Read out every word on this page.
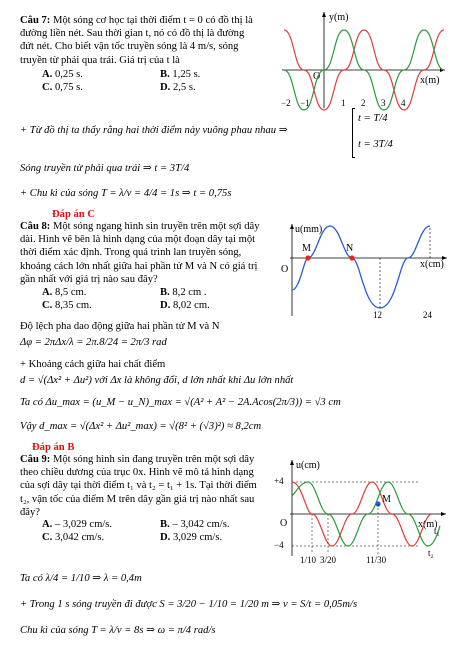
Câu 7: Một sóng cơ học tại thời điểm t = 0 có đồ thị là
đường liền nét. Sau thời gian t, nó có đồ thị là đường
đứt nét. Cho biết vận tốc truyền sóng là 4 m/s, sóng
truyền từ phải qua trái. Giá trị của t là
A. 0,25 s.	B. 1,25 s.
C. 0,75 s.	D. 2,5 s.
y(m)
x(m)
O
−2 −1	1 2 3 4
+ Từ đồ thị ta thấy rằng hai thời điểm này vuông phau nhau ⇒
t = T/4
t = 3T/4
Sóng truyền từ phải qua trái ⇒ t = 3T/4
+ Chu kì của sóng T = λ/v = 4/4 = 1s ⇒ t = 0,75s
Đáp án C
Câu 8: Một sóng ngang hình sin truyền trên một sợi dây
dài. Hình vẽ bên là hình dạng của một đoạn dây tại một
thời điểm xác định. Trong quá trình lan truyền sóng,
khoảng cách lớn nhất giữa hai phần tử M và N có giá trị
gần nhất với giá trị nào sau đây?
A. 8,5 cm.	B. 8,2 cm .
C. 8,35 cm.	D. 8,02 cm.
u(mm)
x(cm)
O
M	N
12	24
Độ lệch pha dao động giữa hai phần tử M và N
Δφ = 2πΔx/λ = 2π.8/24 = 2π/3 rad
+ Khoảng cách giữa hai chất điểm
d = √(Δx² + Δu²) với Δx là không đổi, d lớn nhất khi Δu lớn nhất
Ta có Δu_max = (u_M − u_N)_max = √(A² + A² − 2A.Acos(2π/3)) = √3 cm
Vậy d_max = √(Δx² + Δu²_max) = √(8² + (√3)²) ≈ 8,2cm
Đáp án B
Câu 9: Một sóng hình sin đang truyền trên một sợi dây
theo chiều dương của trục 0x. Hình vẽ mô tả hình dạng
của sợi dây tại thời điểm t₁ và t₂ = t₁ + 1s. Tại thời điểm
t₂, vận tốc của điểm M trên dây gần giá trị nào nhất sau
đây?
A. – 3,029 cm/s.	B. – 3,042 cm/s.
C. 3,042 cm/s.	D. 3,029 cm/s.
u(cm)
x(m)
O
+4
−4
M
1/10 3/20	11/30
t₁
t₂
Ta có λ/4 = 1/10 ⇒ λ = 0,4m
+ Trong 1 s sóng truyền đi được S = 3/20 − 1/10 = 1/20 m ⇒ v = S/t = 0,05m/s
Chu kì của sóng T = λ/v = 8s ⇒ ω = π/4 rad/s
